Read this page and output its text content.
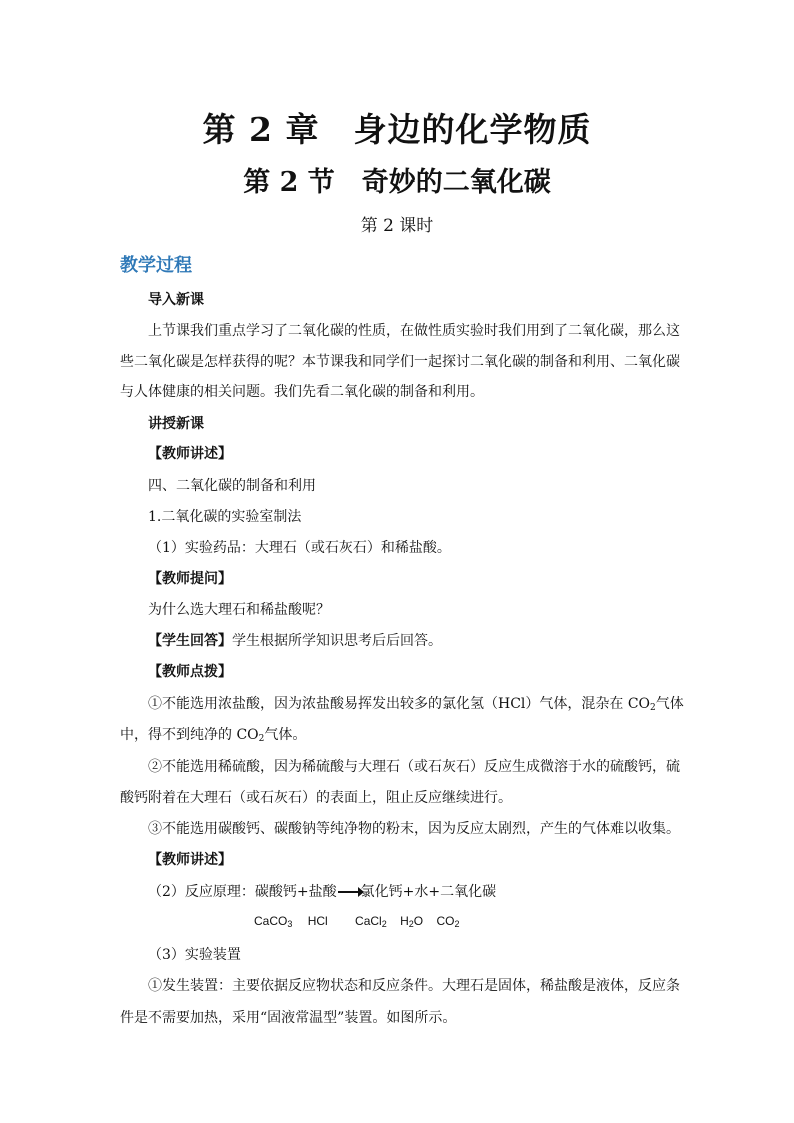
第 2 章　身边的化学物质
第 2 节　奇妙的二氧化碳
第 2 课时
教学过程
导入新课
上节课我们重点学习了二氧化碳的性质，在做性质实验时我们用到了二氧化碳，那么这
些二氧化碳是怎样获得的呢？本节课我和同学们一起探讨二氧化碳的制备和利用、二氧化碳
与人体健康的相关问题。我们先看二氧化碳的制备和利用。
讲授新课
【教师讲述】
四、二氧化碳的制备和利用
1.二氧化碳的实验室制法
（1）实验药品：大理石（或石灰石）和稀盐酸。
【教师提问】
为什么选大理石和稀盐酸呢？
【学生回答】学生根据所学知识思考后后回答。
【教师点拨】
①不能选用浓盐酸，因为浓盐酸易挥发出较多的氯化氢（HCl）气体，混杂在 $CO_2$气体
中，得不到纯净的 $CO_2$气体。
②不能选用稀硫酸，因为稀硫酸与大理石（或石灰石）反应生成微溶于水的硫酸钙，硫
酸钙附着在大理石（或石灰石）的表面上，阻止反应继续进行。
③不能选用碳酸钙、碳酸钠等纯净物的粉末，因为反应太剧烈，产生的气体难以收集。
【教师讲述】
（2）反应原理：碳酸钙+盐酸→氯化钙+水+二氧化碳
CaCO3 HCl CaCl2 H2O CO2
（3）实验装置
①发生装置：主要依据反应物状态和反应条件。大理石是固体，稀盐酸是液体，反应条
件是不需要加热，采用“固液常温型”装置。如图所示。
